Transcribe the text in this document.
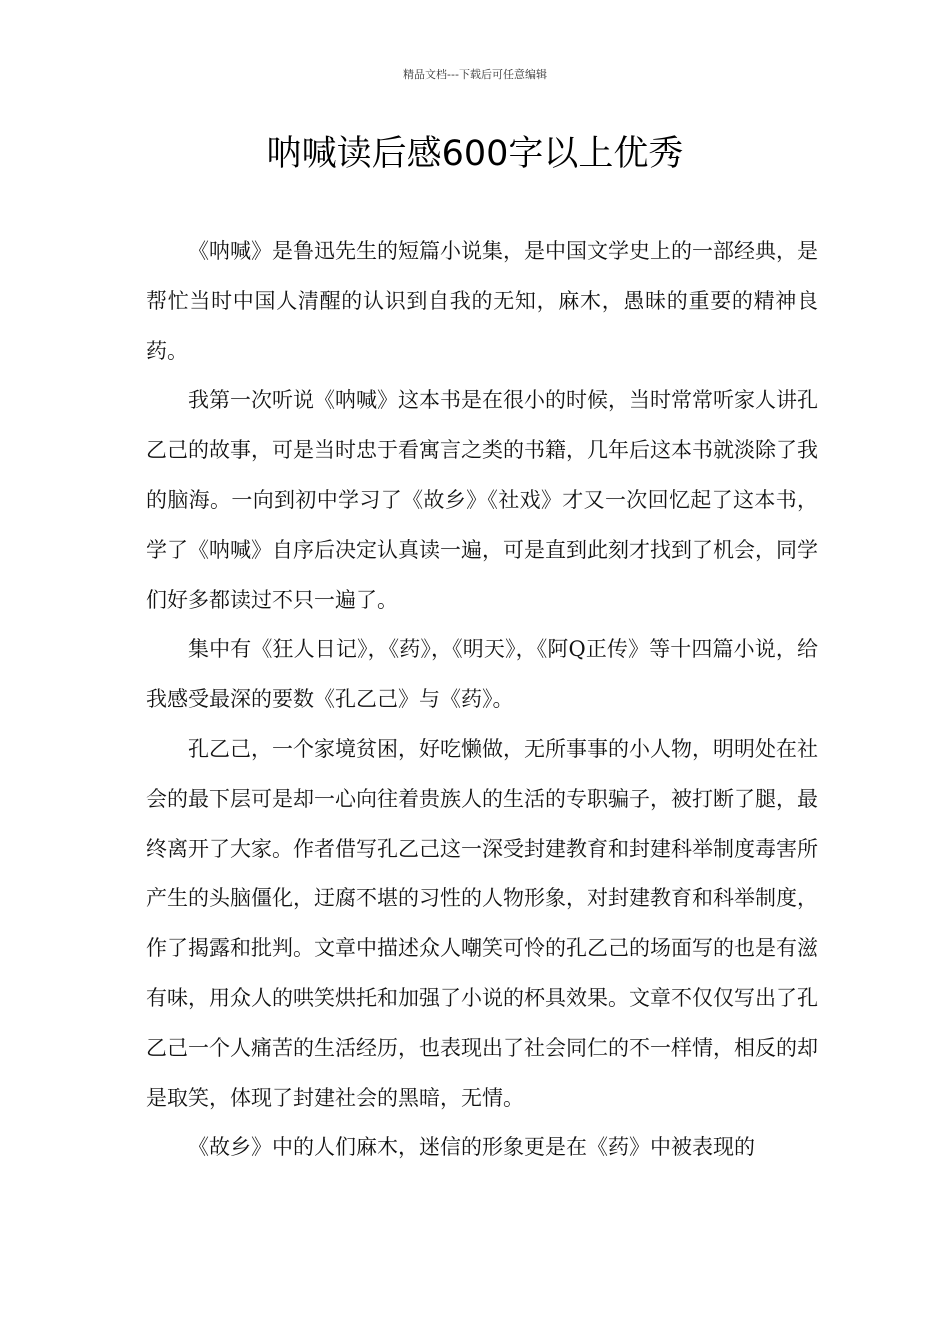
精品文档---下载后可任意编辑
呐喊读后感600字以上优秀

《呐喊》是鲁迅先生的短篇小说集，是中国文学史上的一部经典，是帮忙当时中国人清醒的认识到自我的无知，麻木，愚昧的重要的精神良药。

我第一次听说《呐喊》这本书是在很小的时候，当时常常听家人讲孔乙己的故事，可是当时忠于看寓言之类的书籍，几年后这本书就淡除了我的脑海。一向到初中学习了《故乡》《社戏》才又一次回忆起了这本书，学了《呐喊》自序后决定认真读一遍，可是直到此刻才找到了机会，同学们好多都读过不只一遍了。

集中有《狂人日记》，《药》，《明天》，《阿Q正传》等十四篇小说，给我感受最深的要数《孔乙己》与《药》。

孔乙己，一个家境贫困，好吃懒做，无所事事的小人物，明明处在社会的最下层可是却一心向往着贵族人的生活的专职骗子，被打断了腿，最终离开了大家。作者借写孔乙己这一深受封建教育和封建科举制度毒害所产生的头脑僵化，迂腐不堪的习性的人物形象，对封建教育和科举制度，作了揭露和批判。文章中描述众人嘲笑可怜的孔乙己的场面写的也是有滋有味，用众人的哄笑烘托和加强了小说的杯具效果。文章不仅仅写出了孔乙己一个人痛苦的生活经历，也表现出了社会同仁的不一样情，相反的却是取笑，体现了封建社会的黑暗，无情。

《故乡》中的人们麻木，迷信的形象更是在《药》中被表现的
